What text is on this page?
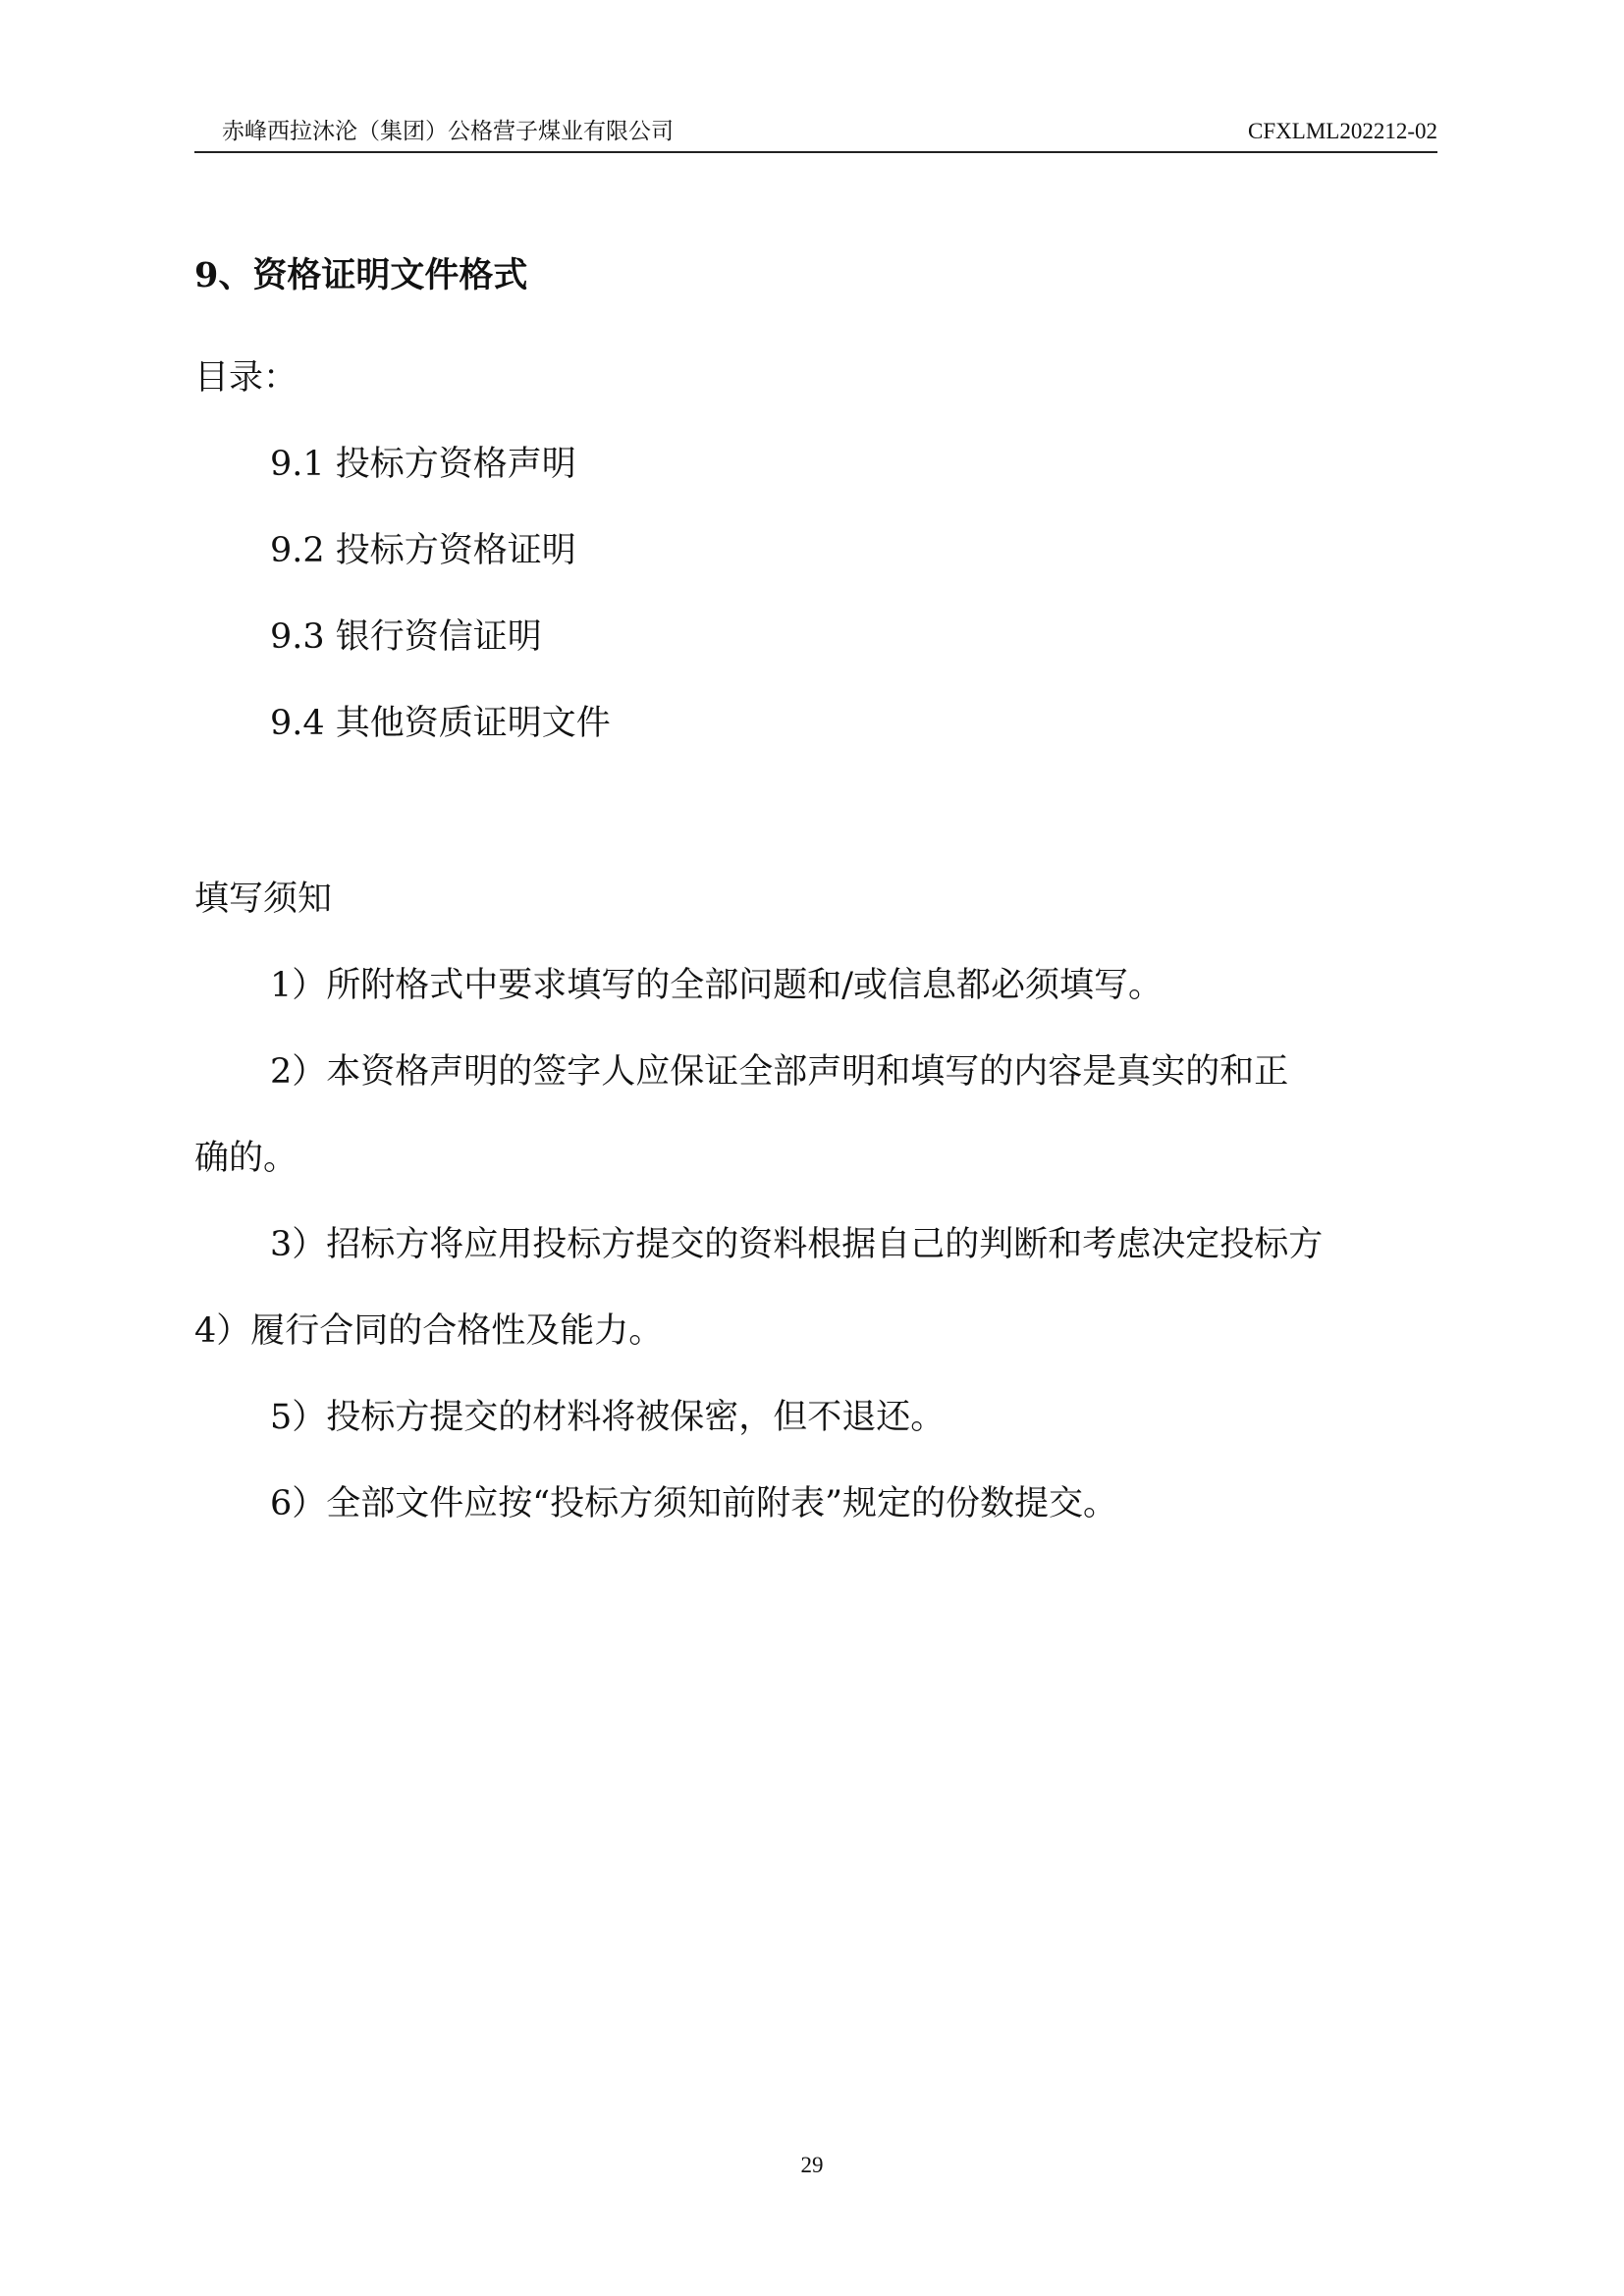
赤峰西拉沐沦（集团）公格营子煤业有限公司	CFXLML202212-02
9、资格证明文件格式
目录：
9.1 投标方资格声明
9.2 投标方资格证明
9.3 银行资信证明
9.4 其他资质证明文件
填写须知
1）所附格式中要求填写的全部问题和/或信息都必须填写。
2）本资格声明的签字人应保证全部声明和填写的内容是真实的和正
确的。
3）招标方将应用投标方提交的资料根据自己的判断和考虑决定投标方
4）履行合同的合格性及能力。
5）投标方提交的材料将被保密，但不退还。
6）全部文件应按“投标方须知前附表”规定的份数提交。
29
